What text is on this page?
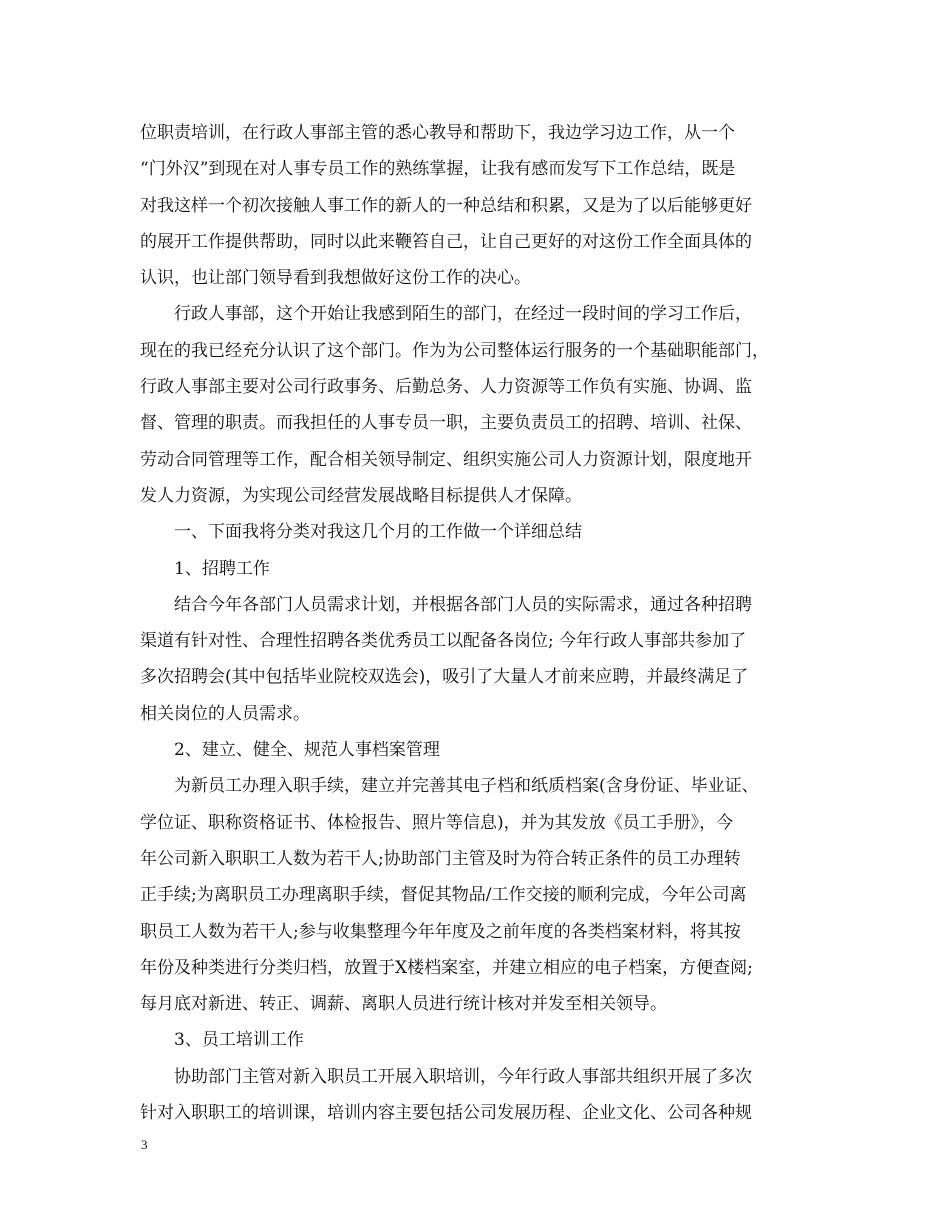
位职责培训，在行政人事部主管的悉心教导和帮助下，我边学习边工作，从一个
“门外汉”到现在对人事专员工作的熟练掌握，让我有感而发写下工作总结，既是
对我这样一个初次接触人事工作的新人的一种总结和积累，又是为了以后能够更好
的展开工作提供帮助，同时以此来鞭笞自己，让自己更好的对这份工作全面具体的
认识，也让部门领导看到我想做好这份工作的决心。
行政人事部，这个开始让我感到陌生的部门，在经过一段时间的学习工作后，
现在的我已经充分认识了这个部门。作为为公司整体运行服务的一个基础职能部门，
行政人事部主要对公司行政事务、后勤总务、人力资源等工作负有实施、协调、监
督、管理的职责。而我担任的人事专员一职，主要负责员工的招聘、培训、社保、
劳动合同管理等工作，配合相关领导制定、组织实施公司人力资源计划，限度地开
发人力资源，为实现公司经营发展战略目标提供人才保障。
一、下面我将分类对我这几个月的工作做一个详细总结
1、招聘工作
结合今年各部门人员需求计划，并根据各部门人员的实际需求，通过各种招聘
渠道有针对性、合理性招聘各类优秀员工以配备各岗位; 今年行政人事部共参加了
多次招聘会(其中包括毕业院校双选会)，吸引了大量人才前来应聘，并最终满足了
相关岗位的人员需求。
2、建立、健全、规范人事档案管理
为新员工办理入职手续，建立并完善其电子档和纸质档案(含身份证、毕业证、
学位证、职称资格证书、体检报告、照片等信息)，并为其发放《员工手册》，今
年公司新入职职工人数为若干人;协助部门主管及时为符合转正条件的员工办理转
正手续;为离职员工办理离职手续，督促其物品/工作交接的顺利完成，今年公司离
职员工人数为若干人;参与收集整理今年年度及之前年度的各类档案材料，将其按
年份及种类进行分类归档，放置于X楼档案室，并建立相应的电子档案，方便查阅;
每月底对新进、转正、调薪、离职人员进行统计核对并发至相关领导。
3、员工培训工作
协助部门主管对新入职员工开展入职培训，今年行政人事部共组织开展了多次
针对入职职工的培训课，培训内容主要包括公司发展历程、企业文化、公司各种规
3
